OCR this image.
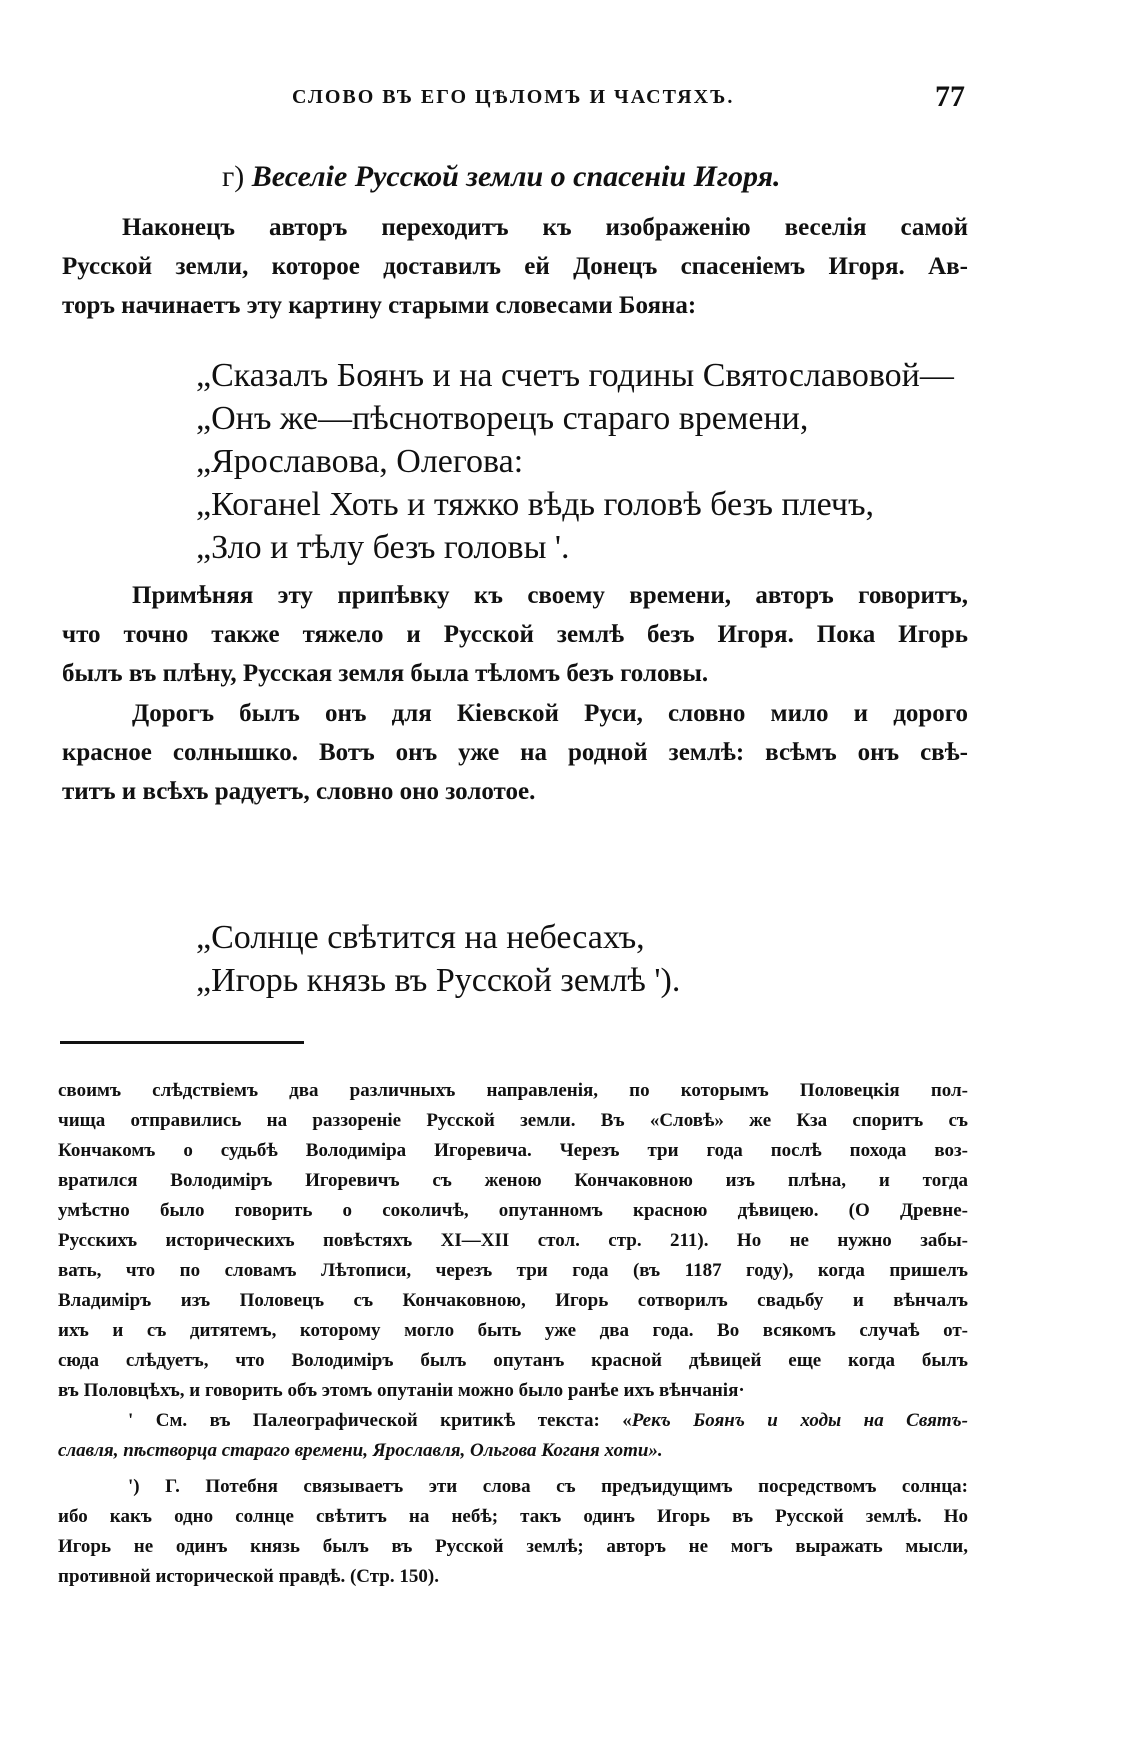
СЛОВО ВЪ ЕГО ЦѢЛОМЪ И ЧАСТЯХЪ.	77
г) Веселіе Русской земли о спасеніи Игоря.
Наконецъ авторъ переходитъ къ изображенію веселія самой
Русской земли, которое доставилъ ей Донецъ спасеніемъ Игоря. Ав-
торъ начинаетъ эту картину старыми словесами Бояна:
„Сказалъ Боянъ и на счетъ годины Святославовой—
„Онъ же—пѣснотворецъ стараго времени,
„Ярославова, Олегова:
„Коганеl Хоть и тяжко вѣдь головѣ безъ плечъ,
„Зло и тѣлу безъ головы '.
Примѣняя эту припѣвку къ своему времени, авторъ говоритъ,
что точно также тяжело и Русской землѣ безъ Игоря. Пока Игорь
былъ въ плѣну, Русская земля была тѣломъ безъ головы.
Дорогъ былъ онъ для Кіевской Руси, словно мило и дорого
красное солнышко. Вотъ онъ уже на родной землѣ: всѣмъ онъ свѣ-
титъ и всѣхъ радуетъ, словно оно золотое.
„Солнце свѣтится на небесахъ,
„Игорь князь въ Русской землѣ ').
своимъ слѣдствіемъ два различныхъ направленія, по которымъ Половецкія пол-
чища отправились на раззореніе Русской земли. Въ «Словѣ» же Кза споритъ съ
Кончакомъ о судьбѣ Володиміра Игоревича. Черезъ три года послѣ похода воз-
вратился Володиміръ Игоревичъ съ женою Кончаковною изъ плѣна, и тогда
умѣстно было говорить о соколичѣ, опутанномъ красною дѣвицею. (О Древне-
Русскихъ историческихъ повѣстяхъ XI—XII стол. стр. 211). Но не нужно забы-
вать, что по словамъ Лѣтописи, черезъ три года (въ 1187 году), когда пришелъ
Владиміръ изъ Половецъ съ Кончаковною, Игорь сотворилъ свадьбу и вѣнчалъ
ихъ и съ дитятемъ, которому могло быть уже два года. Во всякомъ случаѣ от-
сюда слѣдуетъ, что Володиміръ былъ опутанъ красной дѣвицей еще когда былъ
въ Половцѣхъ, и говорить объ этомъ опутаніи можно было ранѣе ихъ вѣнчанія·
' См. въ Палеографической критикѣ текста: «Рекъ Боянъ и ходы на Святъ-
славля, пѣстворца стараго времени, Ярославля, Ольгова Коганя хоти».
') Г. Потебня связываетъ эти слова съ предъидущимъ посредствомъ солнца:
ибо какъ одно солнце свѣтитъ на небѣ; такъ одинъ Игорь въ Русской землѣ. Но
Игорь не одинъ князь былъ въ Русской землѣ; авторъ не могъ выражать мысли,
противной исторической правдѣ. (Стр. 150).
